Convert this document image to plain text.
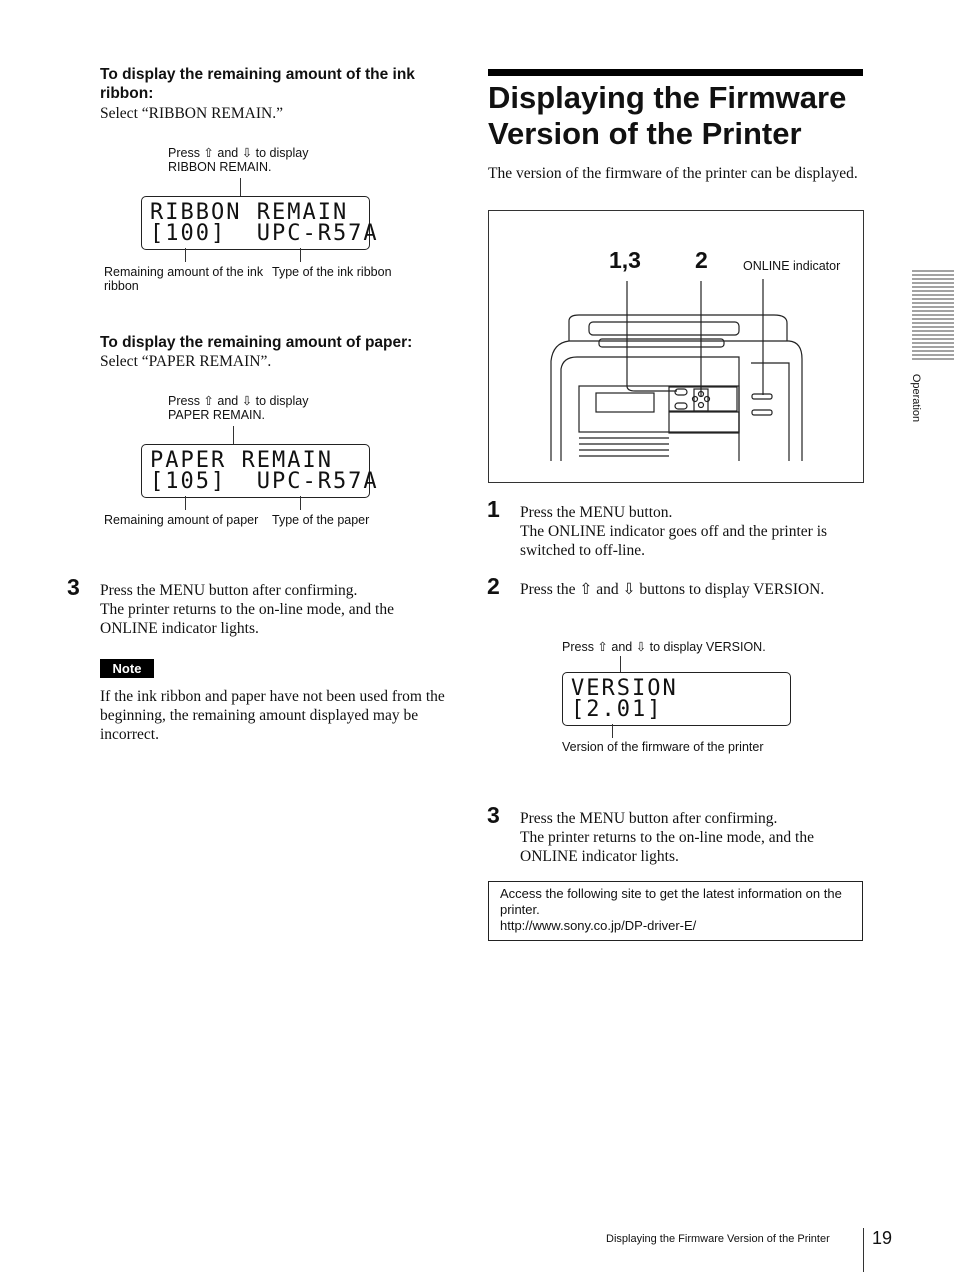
To display the remaining amount of the ink ribbon:
Select “RIBBON REMAIN.”
Press ⇧ and ⇩ to display
RIBBON REMAIN.
RIBBON REMAIN
[100]  UPC-R57A
Remaining amount of the ink ribbon
Type of the ink ribbon
To display the remaining amount of paper:
Select “PAPER REMAIN”.
Press ⇧ and ⇩ to display
PAPER REMAIN.
PAPER REMAIN
[105]  UPC-R57A
Remaining amount of paper Type of the paper
3 Press the MENU button after confirming.
The printer returns to the on-line mode, and the ONLINE indicator lights.
Note
If the ink ribbon and paper have not been used from the beginning, the remaining amount displayed may be incorrect.
Displaying the Firmware Version of the Printer
The version of the firmware of the printer can be displayed.
1,3 2	ONLINE indicator
1 Press the MENU button.
The ONLINE indicator goes off and the printer is switched to off-line.
2 Press the ⇧ and ⇩ buttons to display VERSION.
Press ⇧ and ⇩ to display VERSION.
VERSION
[2.01]
Version of the firmware of the printer
3 Press the MENU button after confirming.
The printer returns to the on-line mode, and the ONLINE indicator lights.
Access the following site to get the latest information on the printer.
http://www.sony.co.jp/DP-driver-E/
Operation
Displaying the Firmware Version of the Printer 19
